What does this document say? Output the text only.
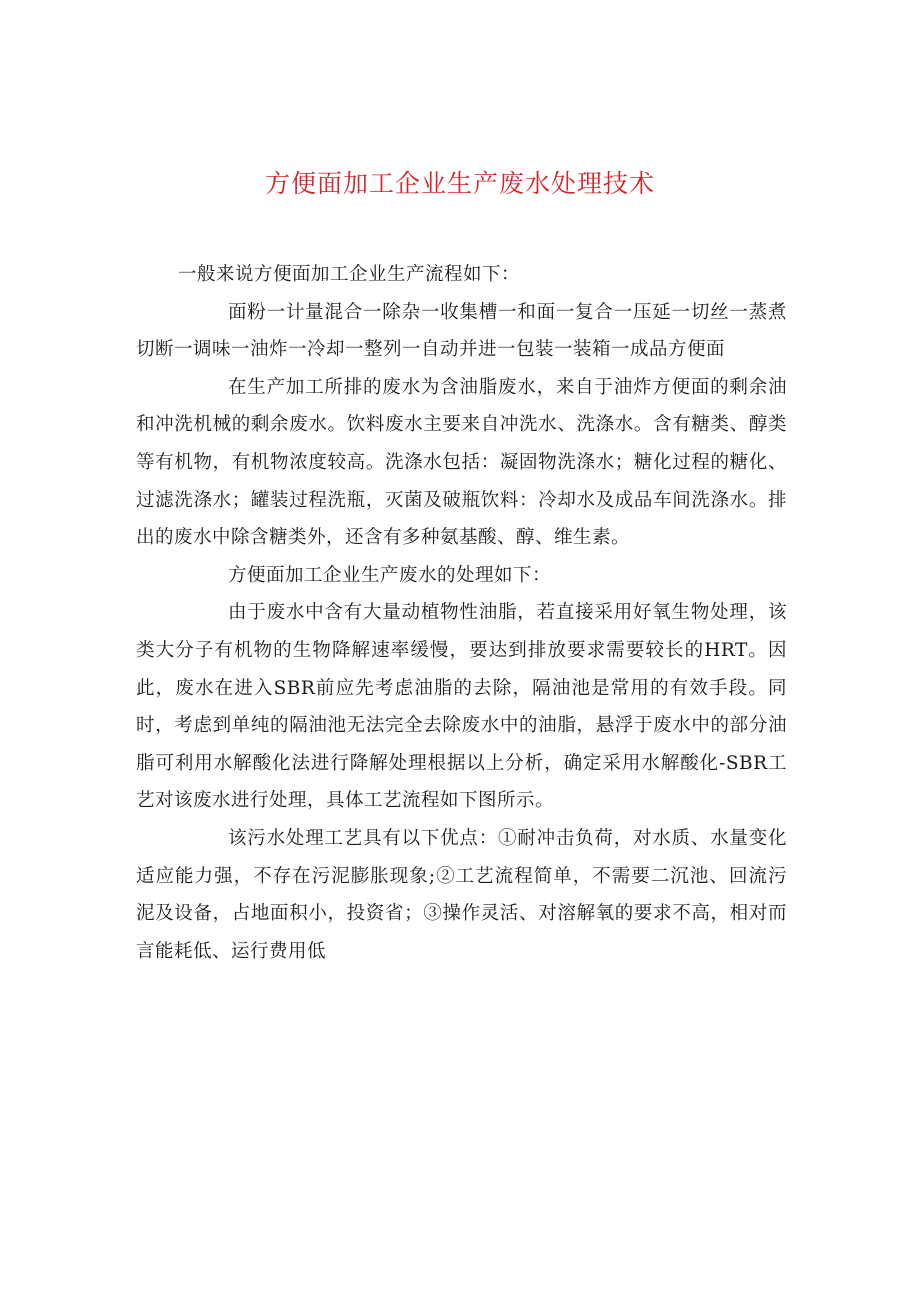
方便面加工企业生产废水处理技术

一般来说方便面加工企业生产流程如下：

面粉一计量混合一除杂一收集槽一和面一复合一压延一切丝一蒸煮切断一调味一油炸一冷却一整列一自动并进一包装一装箱一成品方便面

在生产加工所排的废水为含油脂废水，来自于油炸方便面的剩余油和冲洗机械的剩余废水。饮料废水主要来自冲洗水、洗涤水。含有糖类、醇类等有机物，有机物浓度较高。洗涤水包括：凝固物洗涤水；糖化过程的糖化、过滤洗涤水；罐装过程洗瓶，灭菌及破瓶饮料：冷却水及成品车间洗涤水。排出的废水中除含糖类外，还含有多种氨基酸、醇、维生素。

方便面加工企业生产废水的处理如下：

由于废水中含有大量动植物性油脂，若直接采用好氧生物处理，该类大分子有机物的生物降解速率缓慢，要达到排放要求需要较长的HRT。因此，废水在进入SBR前应先考虑油脂的去除，隔油池是常用的有效手段。同时，考虑到单纯的隔油池无法完全去除废水中的油脂，悬浮于废水中的部分油脂可利用水解酸化法进行降解处理根据以上分析，确定采用水解酸化-SBR工艺对该废水进行处理，具体工艺流程如下图所示。

该污水处理工艺具有以下优点：①耐冲击负荷，对水质、水量变化适应能力强，不存在污泥膨胀现象;②工艺流程简单，不需要二沉池、回流污泥及设备，占地面积小，投资省；③操作灵活、对溶解氧的要求不高，相对而言能耗低、运行费用低
